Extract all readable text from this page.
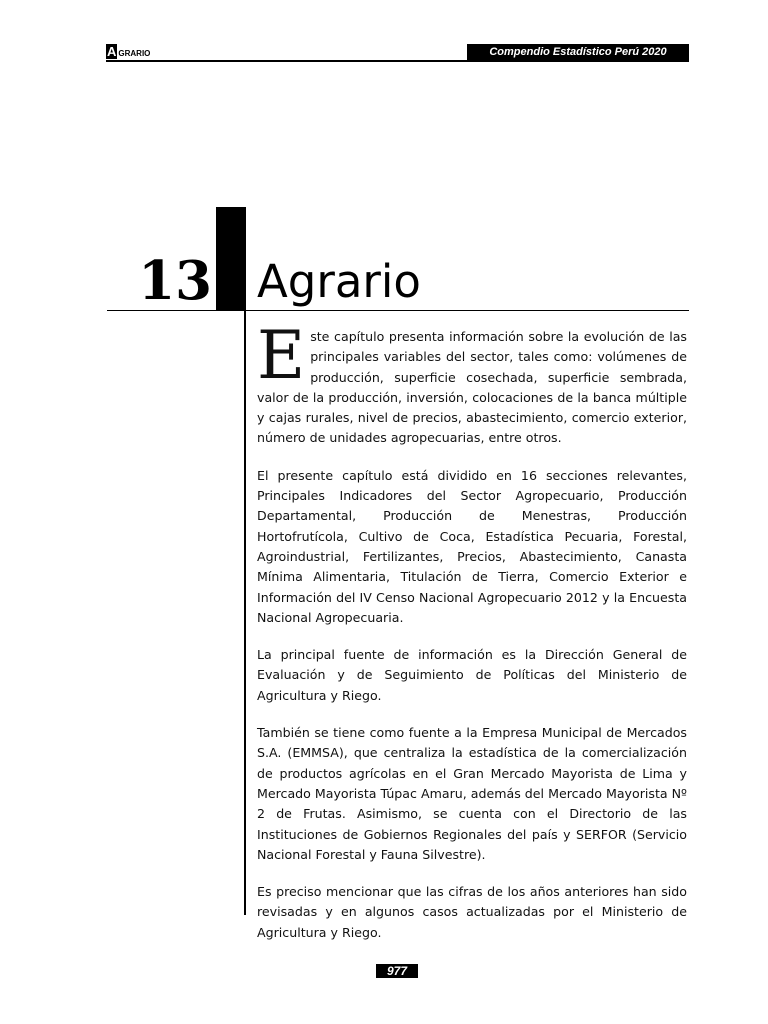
A GRARIO	Compendio Estadístico Perú 2020
13 Agrario

Este capítulo presenta información sobre la evolución de las principales variables del sector, tales como: volúmenes de producción, superficie cosechada, superficie sembrada, valor de la producción, inversión, colocaciones de la banca múltiple y cajas rurales, nivel de precios, abastecimiento, comercio exterior, número de unidades agropecuarias, entre otros.

El presente capítulo está dividido en 16 secciones relevantes, Principales Indicadores del Sector Agropecuario, Producción Departamental, Producción de Menestras, Producción Hortofrutícola, Cultivo de Coca, Estadística Pecuaria, Forestal, Agroindustrial, Fertilizantes, Precios, Abastecimiento, Canasta Mínima Alimentaria, Titulación de Tierra, Comercio Exterior e Información del IV Censo Nacional Agropecuario 2012 y la Encuesta Nacional Agropecuaria.

La principal fuente de información es la Dirección General de Evaluación y de Seguimiento de Políticas del Ministerio de Agricultura y Riego.

También se tiene como fuente a la Empresa Municipal de Mercados S.A. (EMMSA), que centraliza la estadística de la comercialización de productos agrícolas en el Gran Mercado Mayorista de Lima y Mercado Mayorista Túpac Amaru, además del Mercado Mayorista Nº 2 de Frutas. Asimismo, se cuenta con el Directorio de las Instituciones de Gobiernos Regionales del país y SERFOR (Servicio Nacional Forestal y Fauna Silvestre).

Es preciso mencionar que las cifras de los años anteriores han sido revisadas y en algunos casos actualizadas por el Ministerio de Agricultura y Riego.

977
